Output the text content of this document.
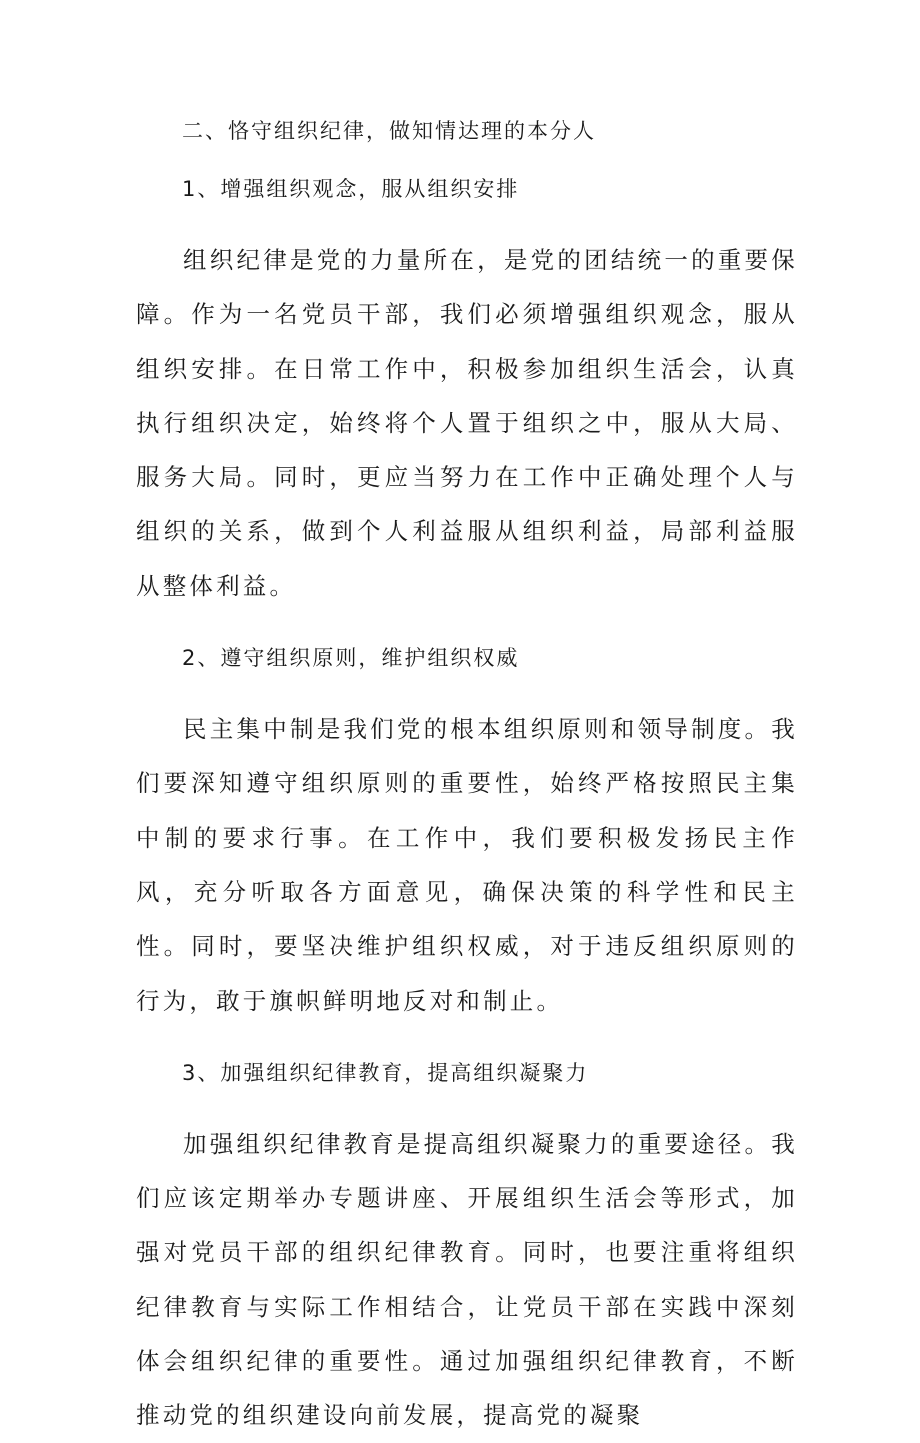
二、恪守组织纪律，做知情达理的本分人
1、增强组织观念，服从组织安排

组织纪律是党的力量所在，是党的团结统一的重要保障。作为一名党员干部，我们必须增强组织观念，服从组织安排。在日常工作中，积极参加组织生活会，认真执行组织决定，始终将个人置于组织之中，服从大局、服务大局。同时，更应当努力在工作中正确处理个人与组织的关系，做到个人利益服从组织利益，局部利益服从整体利益。

2、遵守组织原则，维护组织权威

民主集中制是我们党的根本组织原则和领导制度。我们要深知遵守组织原则的重要性，始终严格按照民主集中制的要求行事。在工作中，我们要积极发扬民主作风，充分听取各方面意见，确保决策的科学性和民主性。同时，要坚决维护组织权威，对于违反组织原则的行为，敢于旗帜鲜明地反对和制止。

3、加强组织纪律教育，提高组织凝聚力

加强组织纪律教育是提高组织凝聚力的重要途径。我们应该定期举办专题讲座、开展组织生活会等形式，加强对党员干部的组织纪律教育。同时，也要注重将组织纪律教育与实际工作相结合，让党员干部在实践中深刻体会组织纪律的重要性。通过加强组织纪律教育，不断推动党的组织建设向前发展，提高党的凝聚
